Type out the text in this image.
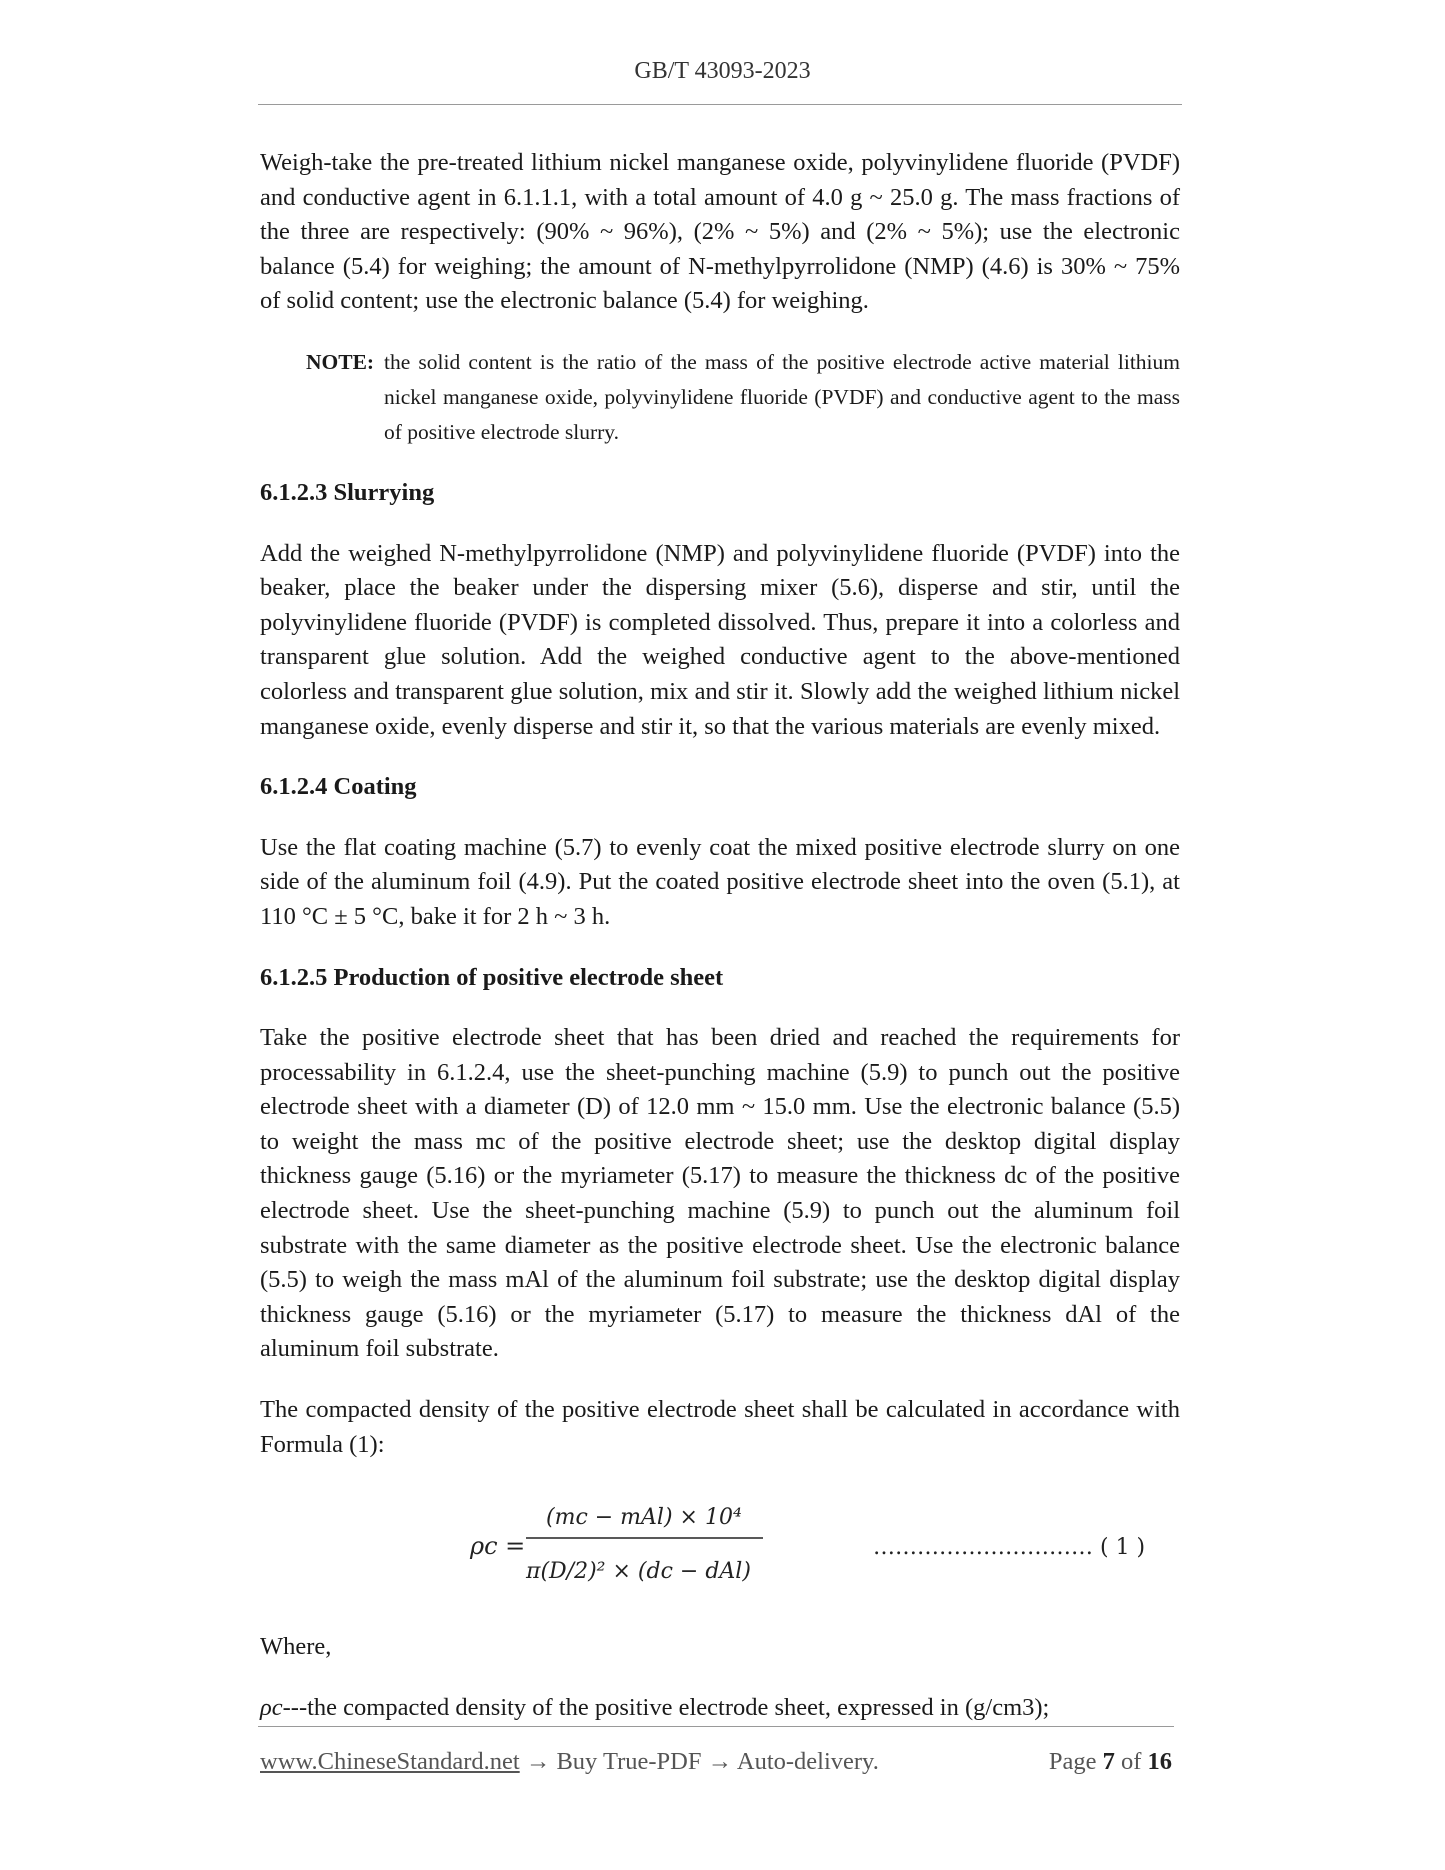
GB/T 43093-2023

Weigh-take the pre-treated lithium nickel manganese oxide, polyvinylidene fluoride (PVDF) and conductive agent in 6.1.1.1, with a total amount of 4.0 g ~ 25.0 g. The mass fractions of the three are respectively: (90% ~ 96%), (2% ~ 5%) and (2% ~ 5%); use the electronic balance (5.4) for weighing; the amount of N-methylpyrrolidone (NMP) (4.6) is 30% ~ 75% of solid content; use the electronic balance (5.4) for weighing.

NOTE: the solid content is the ratio of the mass of the positive electrode active material lithium nickel manganese oxide, polyvinylidene fluoride (PVDF) and conductive agent to the mass of positive electrode slurry.

6.1.2.3 Slurrying

Add the weighed N-methylpyrrolidone (NMP) and polyvinylidene fluoride (PVDF) into the beaker, place the beaker under the dispersing mixer (5.6), disperse and stir, until the polyvinylidene fluoride (PVDF) is completed dissolved. Thus, prepare it into a colorless and transparent glue solution. Add the weighed conductive agent to the above-mentioned colorless and transparent glue solution, mix and stir it. Slowly add the weighed lithium nickel manganese oxide, evenly disperse and stir it, so that the various materials are evenly mixed.

6.1.2.4 Coating

Use the flat coating machine (5.7) to evenly coat the mixed positive electrode slurry on one side of the aluminum foil (4.9). Put the coated positive electrode sheet into the oven (5.1), at 110 °C ± 5 °C, bake it for 2 h ~ 3 h.

6.1.2.5 Production of positive electrode sheet

Take the positive electrode sheet that has been dried and reached the requirements for processability in 6.1.2.4, use the sheet-punching machine (5.9) to punch out the positive electrode sheet with a diameter (D) of 12.0 mm ~ 15.0 mm. Use the electronic balance (5.5) to weight the mass mc of the positive electrode sheet; use the desktop digital display thickness gauge (5.16) or the myriameter (5.17) to measure the thickness dc of the positive electrode sheet. Use the sheet-punching machine (5.9) to punch out the aluminum foil substrate with the same diameter as the positive electrode sheet. Use the electronic balance (5.5) to weigh the mass mAl of the aluminum foil substrate; use the desktop digital display thickness gauge (5.16) or the myriameter (5.17) to measure the thickness dAl of the aluminum foil substrate.

The compacted density of the positive electrode sheet shall be calculated in accordance with Formula (1):

ρc =
(mc − mAl) × 10⁴
π(D/2)² × (dc − dAl)
………………………… ( 1 )

Where,

ρc---the compacted density of the positive electrode sheet, expressed in (g/cm3);

www.ChineseStandard.net → Buy True-PDF → Auto-delivery.	Page 7 of 16
